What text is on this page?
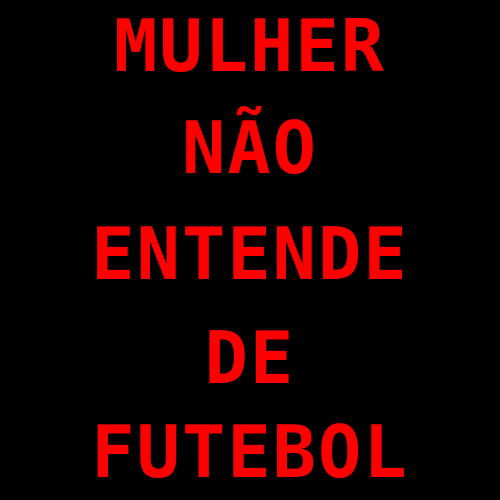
MULHER
NÃO
ENTENDE
DE
FUTEBOL
